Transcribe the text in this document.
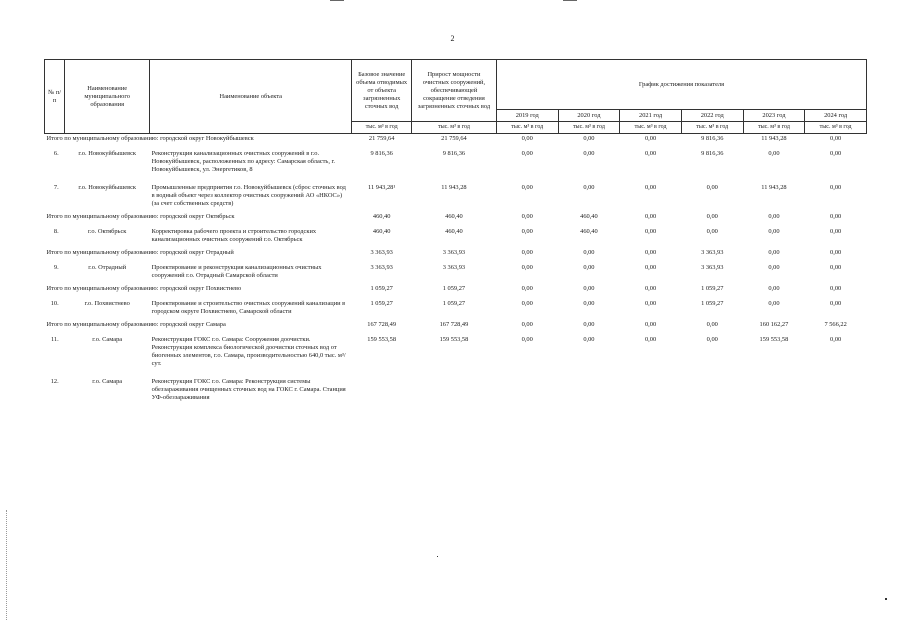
2
№ п/п	Наименование муниципального образования	Наименование объекта	Базовое значение объема отводимых от объекта загрязненных сточных вод	Прирост мощности очистных сооружений, обеспечивающей сокращение отведения загрязненных сточных вод	График достижения показателя					
					2019 год	2020 год	2021 год	2022 год	2023 год	2024 год
			тыс. м³ в год	тыс. м³ в год	тыс. м³ в год	тыс. м³ в год	тыс. м³ в год	тыс. м³ в год	тыс. м³ в год	тыс. м³ в год
Итого по муниципальному образованию: городской округ Новокуйбышевск			21 759,64	21 759,64	0,00	0,00	0,00	9 816,36	11 943,28	0,00
6.	г.о. Новокуйбышевск	Реконструкция канализационных очистных сооружений в г.о. Новокуйбышевск, расположенных по адресу: Самарская область, г. Новокуйбышевск, ул. Энергетиков, 8	9 816,36	9 816,36	0,00	0,00	0,00	9 816,36	0,00	0,00
7.	г.о. Новокуйбышевск	Промышленные предприятия г.о. Новокуйбышевск (сброс сточных вод в водный объект через коллектор очистных сооружений АО «НКОС») (за счет собственных средств)	11 943,28¹	11 943,28	0,00	0,00	0,00	0,00	11 943,28	0,00
Итого по муниципальному образованию: городской округ Октябрьск			460,40	460,40	0,00	460,40	0,00	0,00	0,00	0,00
8.	г.о. Октябрьск	Корректировка рабочего проекта и строительство городских канализационных очистных сооружений г.о. Октябрьск	460,40	460,40	0,00	460,40	0,00	0,00	0,00	0,00
Итого по муниципальному образованию: городской округ Отрадный			3 363,93	3 363,93	0,00	0,00	0,00	3 363,93	0,00	0,00
9.	г.о. Отрадный	Проектирование и реконструкция канализационных очистных сооружений г.о. Отрадный Самарской области	3 363,93	3 363,93	0,00	0,00	0,00	3 363,93	0,00	0,00
Итого по муниципальному образованию: городской округ Похвистнево			1 059,27	1 059,27	0,00	0,00	0,00	1 059,27	0,00	0,00
10.	г.о. Похвистнево	Проектирование и строительство очистных сооружений канализации в городском округе Похвистнево, Самарской области	1 059,27	1 059,27	0,00	0,00	0,00	1 059,27	0,00	0,00
Итого по муниципальному образованию: городской округ Самара			167 728,49	167 728,49	0,00	0,00	0,00	0,00	160 162,27	7 566,22
11.	г.о. Самара	Реконструкция ГОКС г.о. Самара: Сооружения доочистки. Реконструкция комплекса биологической доочистки сточных вод от биогенных элементов, г.о. Самара, производительностью 640,0 тыс. м³/сут.	159 553,58	159 553,58	0,00	0,00	0,00	0,00	159 553,58	0,00
12.	г.о. Самара	Реконструкция ГОКС г.о. Самара: Реконструкция системы обеззараживания очищенных сточных вод на ГОКС г. Самара. Станция УФ-обеззараживания								
